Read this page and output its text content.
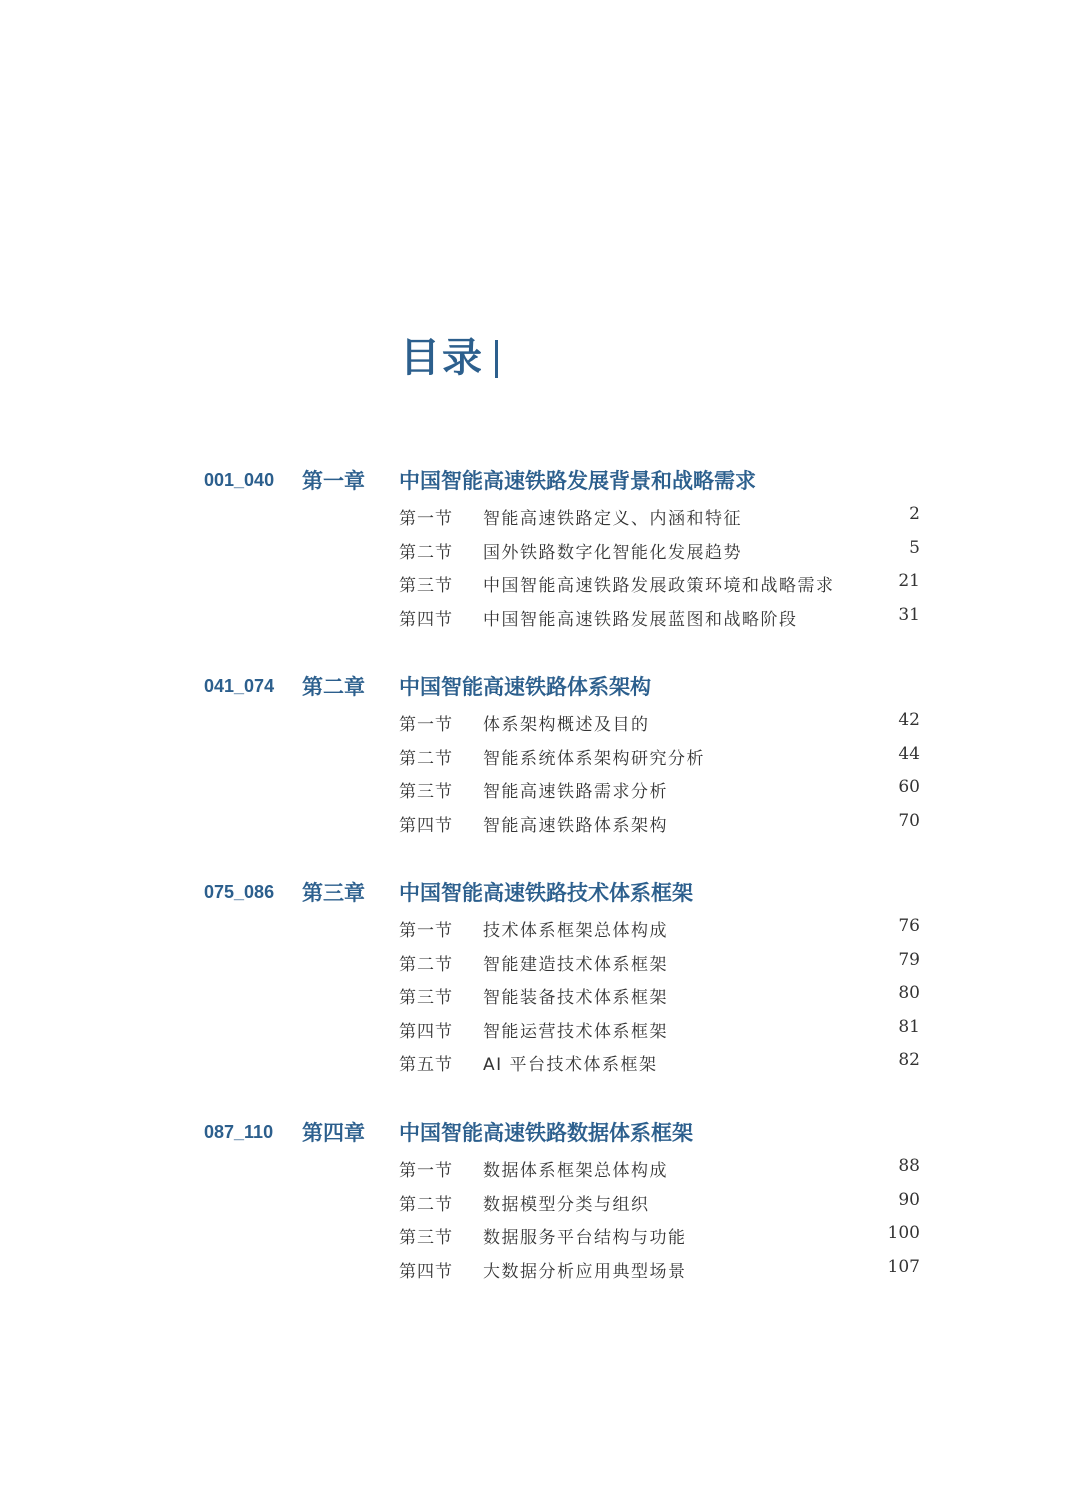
目录
001_040 第一章 中国智能高速铁路发展背景和战略需求
第一节 智能高速铁路定义、内涵和特征	2
第二节 国外铁路数字化智能化发展趋势	5
第三节 中国智能高速铁路发展政策环境和战略需求	21
第四节 中国智能高速铁路发展蓝图和战略阶段	31
041_074 第二章 中国智能高速铁路体系架构
第一节 体系架构概述及目的	42
第二节 智能系统体系架构研究分析	44
第三节 智能高速铁路需求分析	60
第四节 智能高速铁路体系架构	70
075_086 第三章 中国智能高速铁路技术体系框架
第一节 技术体系框架总体构成	76
第二节 智能建造技术体系框架	79
第三节 智能装备技术体系框架	80
第四节 智能运营技术体系框架	81
第五节 AI 平台技术体系框架	82
087_110 第四章 中国智能高速铁路数据体系框架
第一节 数据体系框架总体构成	88
第二节 数据模型分类与组织	90
第三节 数据服务平台结构与功能	100
第四节 大数据分析应用典型场景	107
